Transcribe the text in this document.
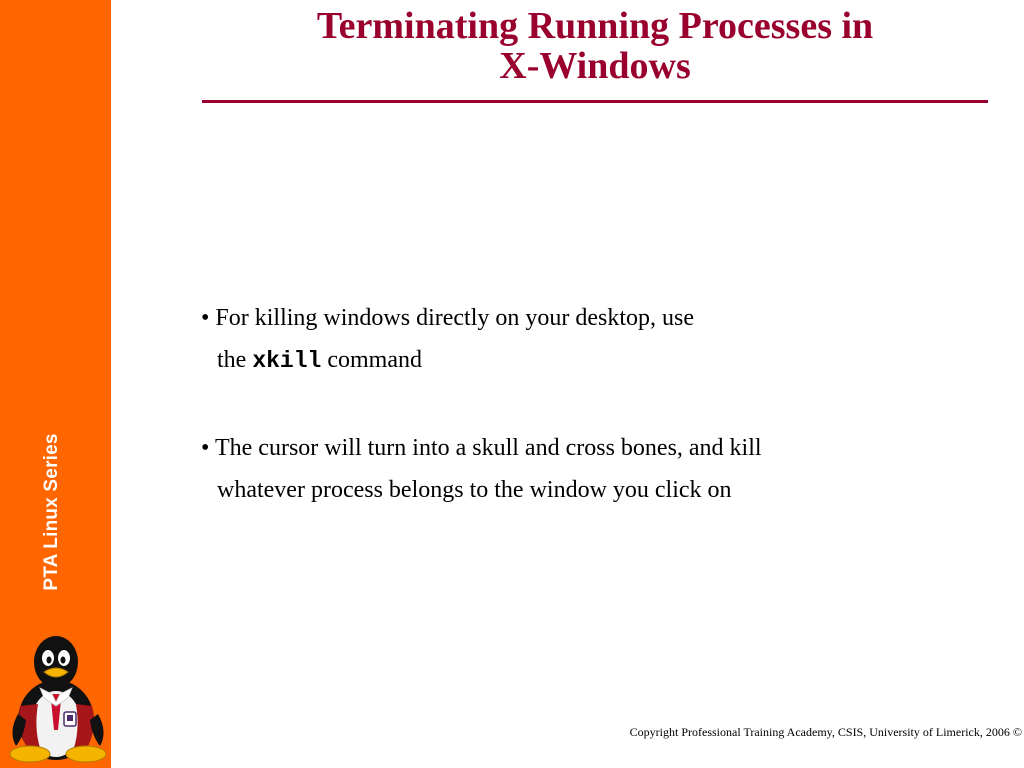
PTA Linux Series
Terminating Running Processes in
X-Windows
• For killing windows directly on your desktop, use
the xkill command
• The cursor will turn into a skull and cross bones, and kill
whatever process belongs to the window you click on
Copyright Professional Training Academy, CSIS, University of Limerick, 2006 ©
